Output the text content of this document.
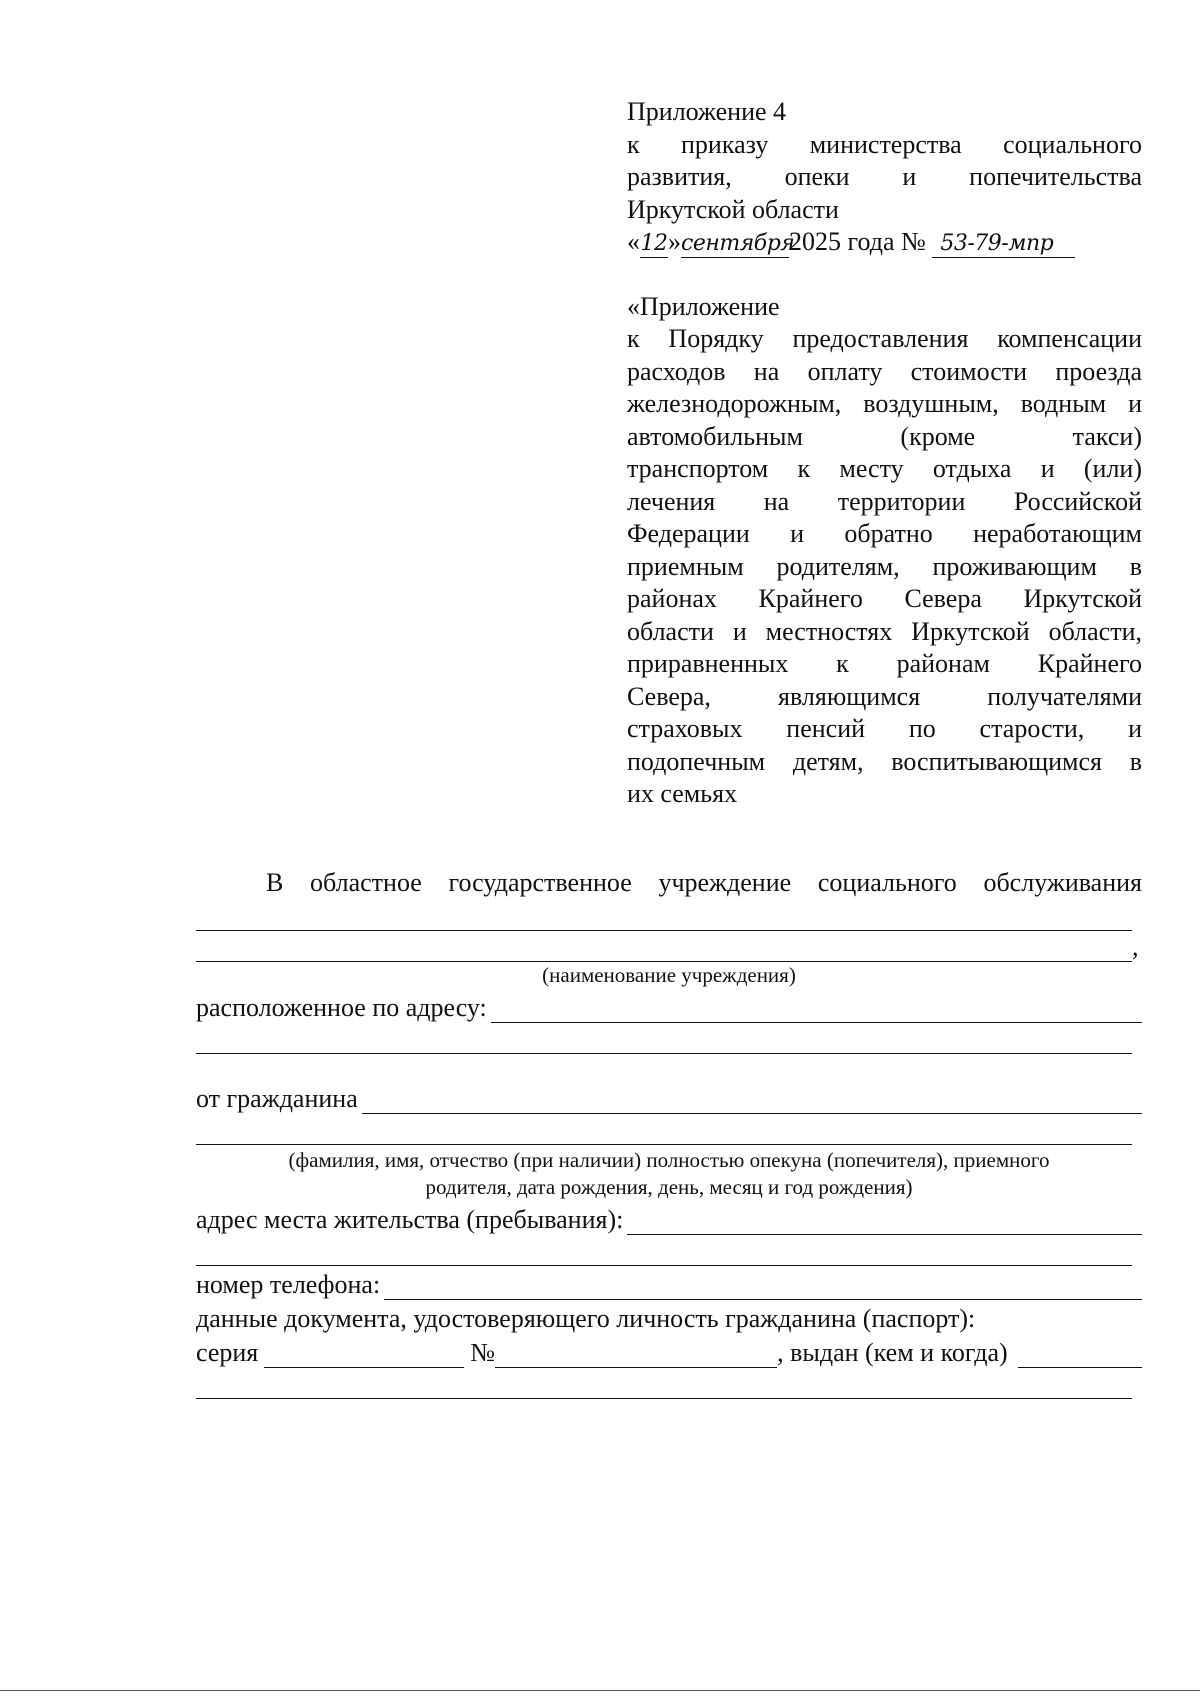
Приложение 4
к приказу министерства социального
развития, опеки и попечительства
Иркутской области
«12»сентября2025 года № 53-79-мпр
«Приложение
к Порядку предоставления компенсации
расходов на оплату стоимости проезда
железнодорожным, воздушным, водным и
автомобильным (кроме такси)
транспортом к месту отдыха и (или)
лечения на территории Российской
Федерации и обратно неработающим
приемным родителям, проживающим в
районах Крайнего Севера Иркутской
области и местностях Иркутской области,
приравненных к районам Крайнего
Севера, являющимся получателями
страховых пенсий по старости, и
подопечным детям, воспитывающимся в
их семьях
В областное государственное учреждение социального обслуживания
,
(наименование учреждения)
расположенное по адресу:
от гражданина
(фамилия, имя, отчество (при наличии) полностью опекуна (попечителя), приемного
родителя, дата рождения, день, месяц и год рождения)
адрес места жительства (пребывания):
номер телефона:
данные документа, удостоверяющего личность гражданина (паспорт):
серия	№	, выдан (кем и когда)
